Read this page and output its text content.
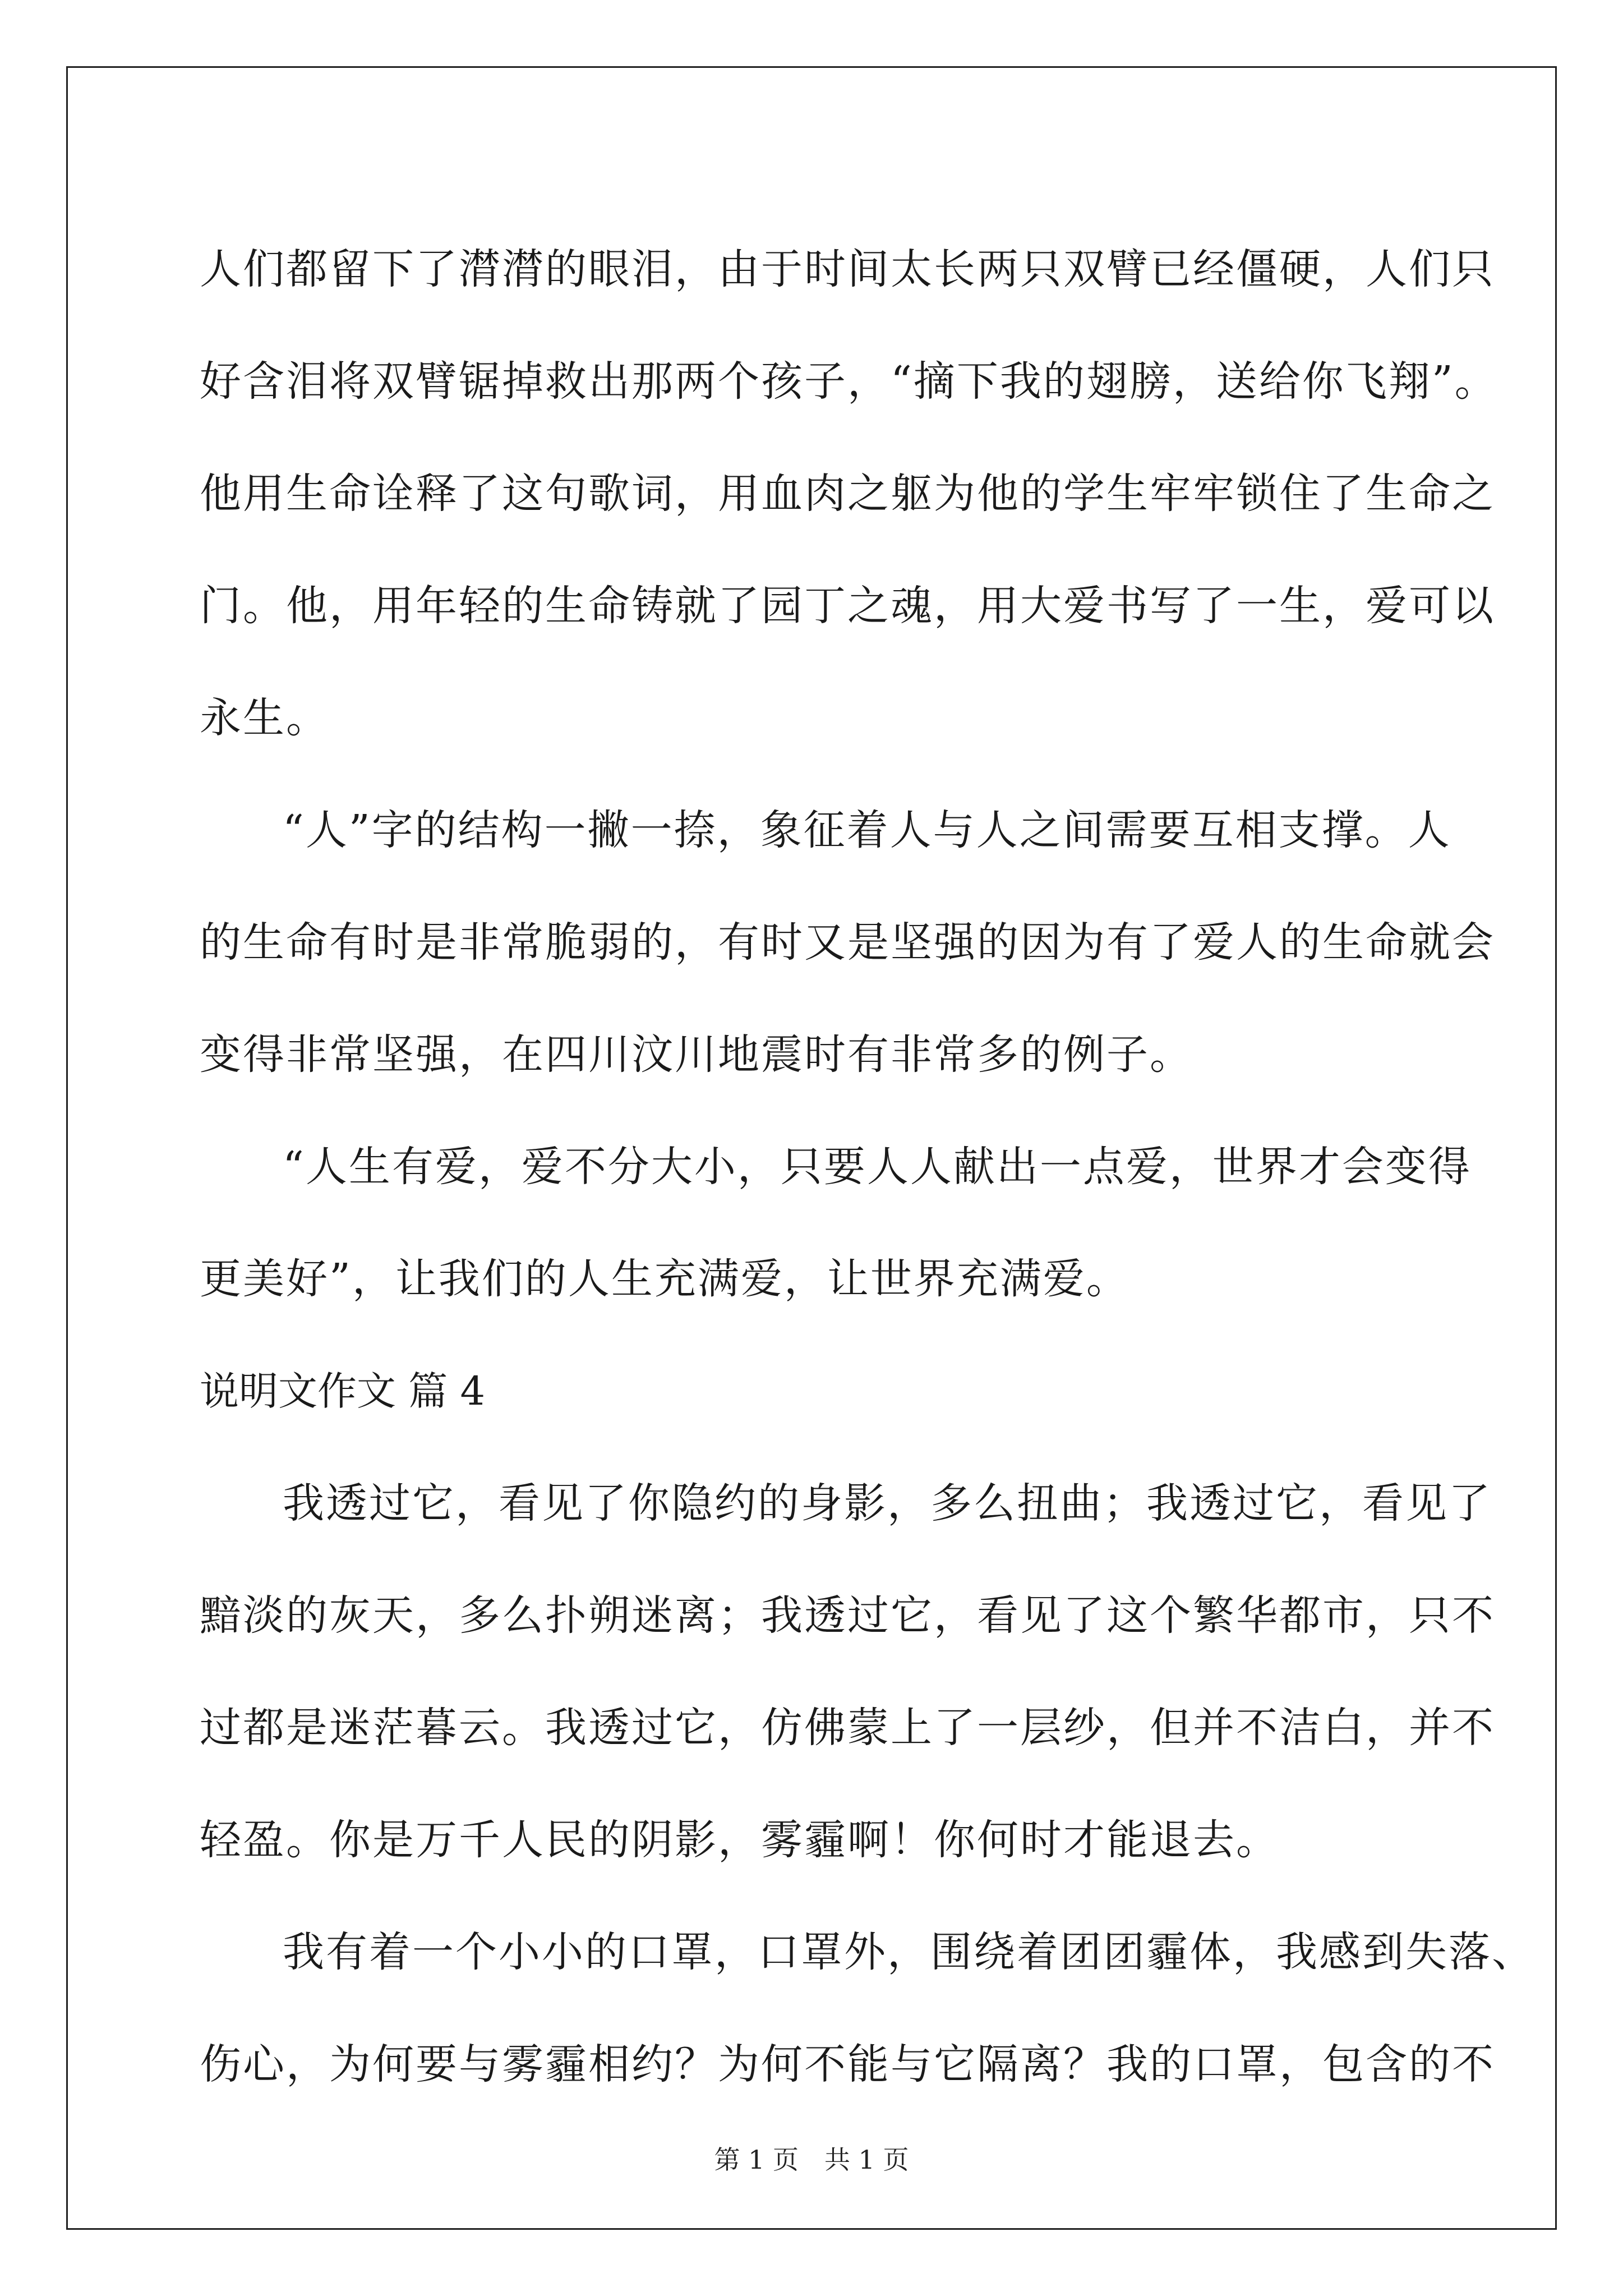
人们都留下了潸潸的眼泪，由于时间太长两只双臂已经僵硬，人们只
好含泪将双臂锯掉救出那两个孩子，“摘下我的翅膀，送给你飞翔”。
他用生命诠释了这句歌词，用血肉之躯为他的学生牢牢锁住了生命之
门。他，用年轻的生命铸就了园丁之魂，用大爱书写了一生，爱可以
永生。
“人”字的结构一撇一捺，象征着人与人之间需要互相支撑。人
的生命有时是非常脆弱的，有时又是坚强的因为有了爱人的生命就会
变得非常坚强，在四川汶川地震时有非常多的例子。
“人生有爱，爱不分大小，只要人人献出一点爱，世界才会变得
更美好”，让我们的人生充满爱，让世界充满爱。
说明文作文 篇 4
我透过它，看见了你隐约的身影，多么扭曲；我透过它，看见了
黯淡的灰天，多么扑朔迷离；我透过它，看见了这个繁华都市，只不
过都是迷茫暮云。我透过它，仿佛蒙上了一层纱，但并不洁白，并不
轻盈。你是万千人民的阴影，雾霾啊！你何时才能退去。
我有着一个小小的口罩，口罩外，围绕着团团霾体，我感到失落、
伤心，为何要与雾霾相约？为何不能与它隔离？我的口罩，包含的不
第 1 页　共 1 页
